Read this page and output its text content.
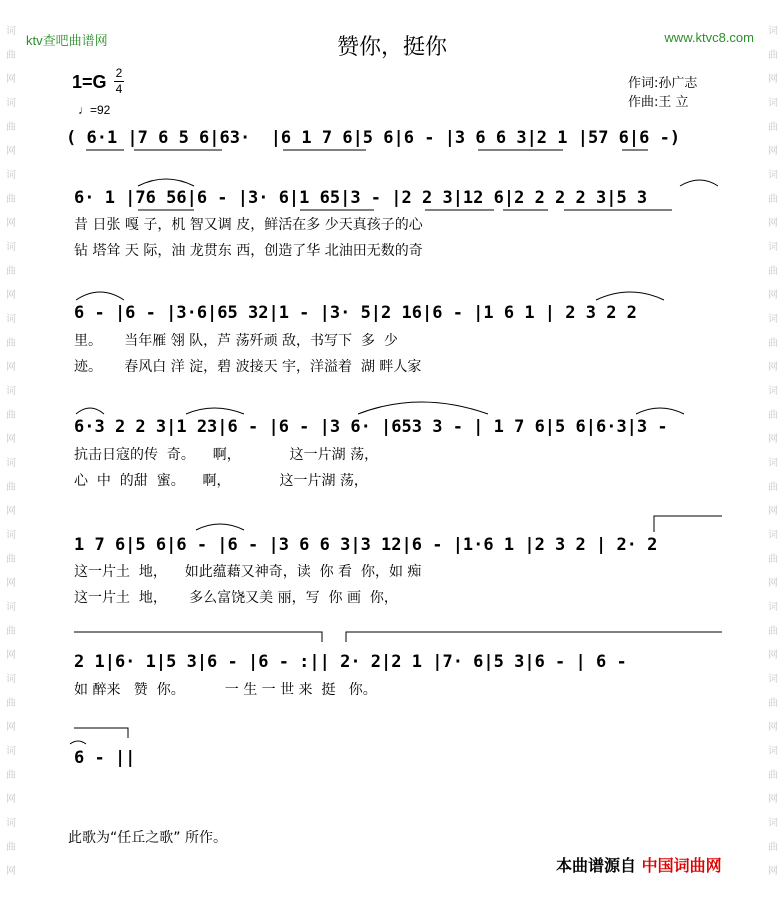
词
曲
网
词
曲
网
词
曲
网
词
曲
网
词
曲
网
词
曲
网
词
曲
网
词
曲
网
词
曲
网
词
曲
网
词
曲
网
词
曲
网
词
曲
网
词
曲
网
词
曲
网
词
曲
网
词
曲
网
词
曲
网
词
曲
网
词
曲
网
词
曲
网
词
曲
网
词
曲
网
词
曲
网
ktv查吧曲谱网	www.ktvc8.com
赞你，挺你
1=G 2
4
♩=92
作词:孙广志
作曲:王 立
( 6·1 |7 6 5 6|63·  |6 1 7 6|5 6|6 - |3 6 6 3|2 1 |57 6|6 -)
6· 1 |76 56|6 - |3· 6|1 65|3 - |2 2 3|12 6|2 2 2 2 3|5 3
昔 日张 嘎 子，机 智又调 皮，鲜活在多 少天真孩子的心
钻 塔耸 天 际，油 龙贯东 西，创造了华 北油田无数的奇
6 - |6 - |3·6|65 32|1 - |3· 5|2 16|6 - |1 6 1 | 2 3 2 2
里。     当年雁 翎 队，芦 荡歼顽 敌，书写下  多  少
迹。     春风白 洋 淀，碧 波接天 宇，洋溢着  湖 畔人家
6·3 2 2 3|1 23|6 - |6 - |3 6· |653 3 - | 1 7 6|5 6|6·3|3 -
抗击日寇的传  奇。    啊，           这一片湖 荡，
心  中  的甜  蜜。    啊，           这一片湖 荡，
1 7 6|5 6|6 - |6 - |3 6 6 3|3 12|6 - |1·6 1 |2 3 2 | 2· 2
这一片土  地，    如此蕴藉又神奇，读  你 看  你，如 痴
这一片土  地，     多么富饶又美 丽，写  你 画  你，
2 1|6· 1|5 3|6 - |6 - :|| 2· 2|2 1 |7· 6|5 3|6 - | 6 -
如 醉来   赞  你。         一 生 一 世 来  挺   你。
6 - ||
此歌为“任丘之歌” 所作。
本曲谱源自 中国词曲网
